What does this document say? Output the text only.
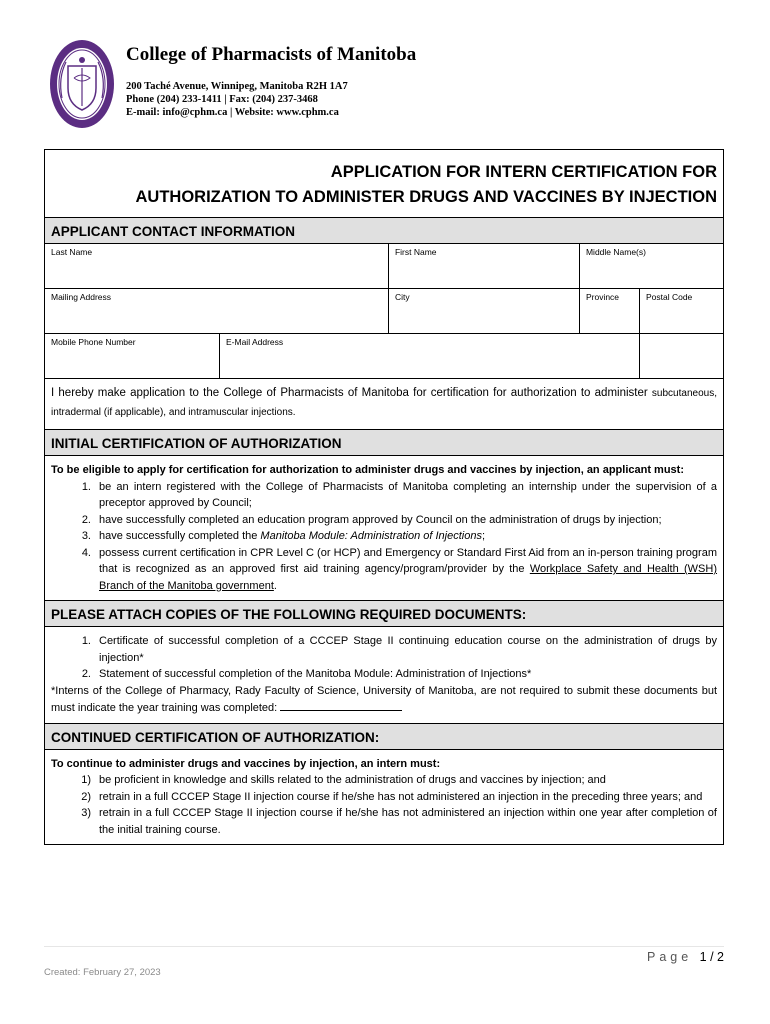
College of Pharmacists of Manitoba
200 Taché Avenue, Winnipeg, Manitoba R2H 1A7
Phone (204) 233-1411 | Fax: (204) 237-3468
E-mail: info@cphm.ca | Website: www.cphm.ca
APPLICATION FOR INTERN CERTIFICATION FOR
AUTHORIZATION TO ADMINISTER DRUGS AND VACCINES BY INJECTION
APPLICANT CONTACT INFORMATION
Last Name		First Name	Middle Name(s)	
Mailing Address		City	Province	Postal Code
Mobile Phone Number	E-Mail Address			
I hereby make application to the College of Pharmacists of Manitoba for certification for authorization to administer subcutaneous, intradermal (if applicable), and intramuscular injections.
INITIAL CERTIFICATION OF AUTHORIZATION
To be eligible to apply for certification for authorization to administer drugs and vaccines by injection, an applicant must:
1. be an intern registered with the College of Pharmacists of Manitoba completing an internship under the supervision of a preceptor approved by Council;
2. have successfully completed an education program approved by Council on the administration of drugs by injection;
3. have successfully completed the Manitoba Module: Administration of Injections;
4. possess current certification in CPR Level C (or HCP) and Emergency or Standard First Aid from an in-person training program that is recognized as an approved first aid training agency/program/provider by the Workplace Safety and Health (WSH) Branch of the Manitoba government.
PLEASE ATTACH COPIES OF THE FOLLOWING REQUIRED DOCUMENTS:
1. Certificate of successful completion of a CCCEP Stage II continuing education course on the administration of drugs by injection*
2. Statement of successful completion of the Manitoba Module: Administration of Injections*
*Interns of the College of Pharmacy, Rady Faculty of Science, University of Manitoba, are not required to submit these documents but must indicate the year training was completed:
CONTINUED CERTIFICATION OF AUTHORIZATION:
To continue to administer drugs and vaccines by injection, an intern must:
1) be proficient in knowledge and skills related to the administration of drugs and vaccines by injection; and
2) retrain in a full CCCEP Stage II injection course if he/she has not administered an injection in the preceding three years; and
3) retrain in a full CCCEP Stage II injection course if he/she has not administered an injection within one year after completion of the initial training course.
Page 1 / 2
Created: February 27, 2023
